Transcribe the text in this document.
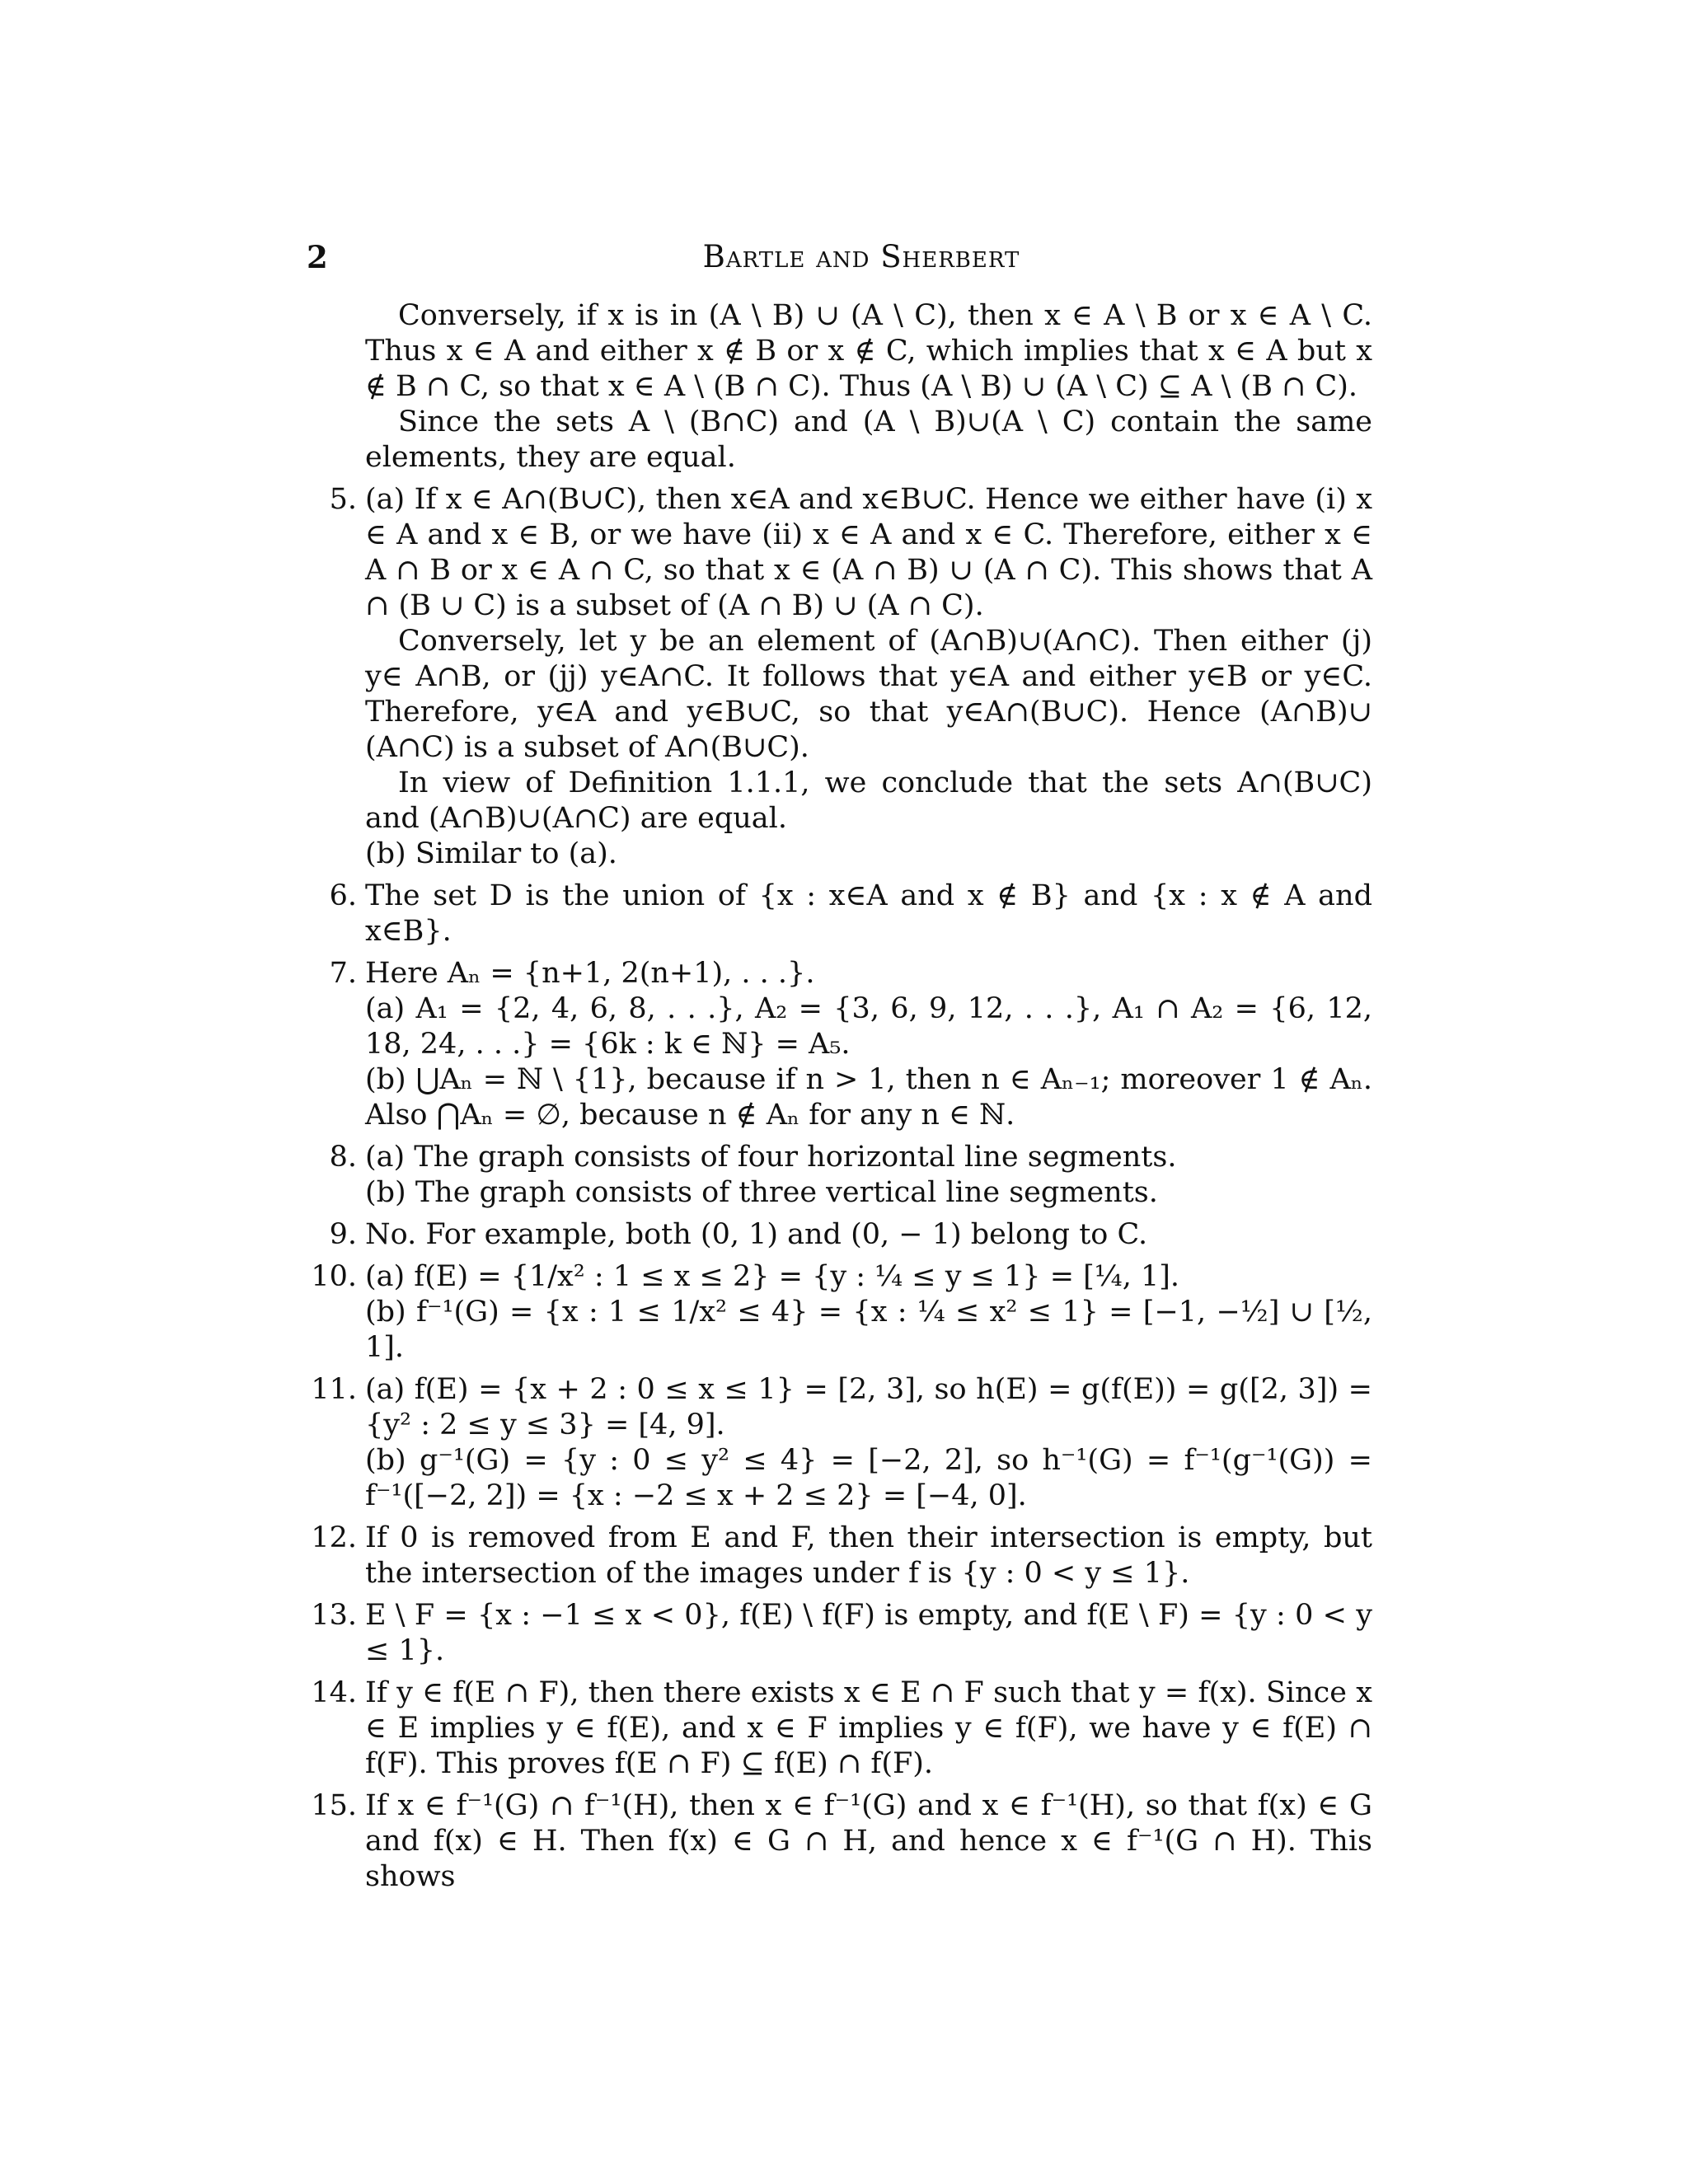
2	Bartle and Sherbert

Conversely, if x is in (A \ B) ∪ (A \ C), then x ∈ A \ B or x ∈ A \ C. Thus x ∈ A and either x ∉ B or x ∉ C, which implies that x ∈ A but x ∉ B ∩ C, so that x ∈ A \ (B ∩ C). Thus (A \ B) ∪ (A \ C) ⊆ A \ (B ∩ C).

Since the sets A \ (B∩C) and (A \ B)∪(A \ C) contain the same elements, they are equal.

5. (a) If x ∈ A∩(B∪C), then x∈A and x∈B∪C. Hence we either have (i) x ∈ A and x ∈ B, or we have (ii) x ∈ A and x ∈ C. Therefore, either x ∈ A ∩ B or x ∈ A ∩ C, so that x ∈ (A ∩ B) ∪ (A ∩ C). This shows that A ∩ (B ∪ C) is a subset of (A ∩ B) ∪ (A ∩ C).

Conversely, let y be an element of (A∩B)∪(A∩C). Then either (j) y∈ A∩B, or (jj) y∈A∩C. It follows that y∈A and either y∈B or y∈C. Therefore, y∈A and y∈B∪C, so that y∈A∩(B∪C). Hence (A∩B)∪ (A∩C) is a subset of A∩(B∪C).

In view of Definition 1.1.1, we conclude that the sets A∩(B∪C) and (A∩B)∪(A∩C) are equal.

(b) Similar to (a).

6. The set D is the union of {x : x∈A and x ∉ B} and {x : x ∉ A and x∈B}.

7. Here Aₙ = {n+1, 2(n+1), . . .}.

(a) A₁ = {2, 4, 6, 8, . . .}, A₂ = {3, 6, 9, 12, . . .}, A₁ ∩ A₂ = {6, 12, 18, 24, . . .} = {6k : k ∈ ℕ} = A₅.

(b) ⋃Aₙ = ℕ \ {1}, because if n > 1, then n ∈ Aₙ₋₁; moreover 1 ∉ Aₙ. Also ⋂Aₙ = ∅, because n ∉ Aₙ for any n ∈ ℕ.

8. (a) The graph consists of four horizontal line segments.

(b) The graph consists of three vertical line segments.

9. No. For example, both (0, 1) and (0, − 1) belong to C.

10. (a) f(E) = {1/x² : 1 ≤ x ≤ 2} = {y : ¼ ≤ y ≤ 1} = [¼, 1].

(b) f⁻¹(G) = {x : 1 ≤ 1/x² ≤ 4} = {x : ¼ ≤ x² ≤ 1} = [−1, −½] ∪ [½, 1].

11. (a) f(E) = {x + 2 : 0 ≤ x ≤ 1} = [2, 3], so h(E) = g(f(E)) = g([2, 3]) = {y² : 2 ≤ y ≤ 3} = [4, 9].

(b) g⁻¹(G) = {y : 0 ≤ y² ≤ 4} = [−2, 2], so h⁻¹(G) = f⁻¹(g⁻¹(G)) = f⁻¹([−2, 2]) = {x : −2 ≤ x + 2 ≤ 2} = [−4, 0].

12. If 0 is removed from E and F, then their intersection is empty, but the intersection of the images under f is {y : 0 < y ≤ 1}.

13. E \ F = {x : −1 ≤ x < 0}, f(E) \ f(F) is empty, and f(E \ F) = {y : 0 < y ≤ 1}.

14. If y ∈ f(E ∩ F), then there exists x ∈ E ∩ F such that y = f(x). Since x ∈ E implies y ∈ f(E), and x ∈ F implies y ∈ f(F), we have y ∈ f(E) ∩ f(F). This proves f(E ∩ F) ⊆ f(E) ∩ f(F).

15. If x ∈ f⁻¹(G) ∩ f⁻¹(H), then x ∈ f⁻¹(G) and x ∈ f⁻¹(H), so that f(x) ∈ G and f(x) ∈ H. Then f(x) ∈ G ∩ H, and hence x ∈ f⁻¹(G ∩ H). This shows
